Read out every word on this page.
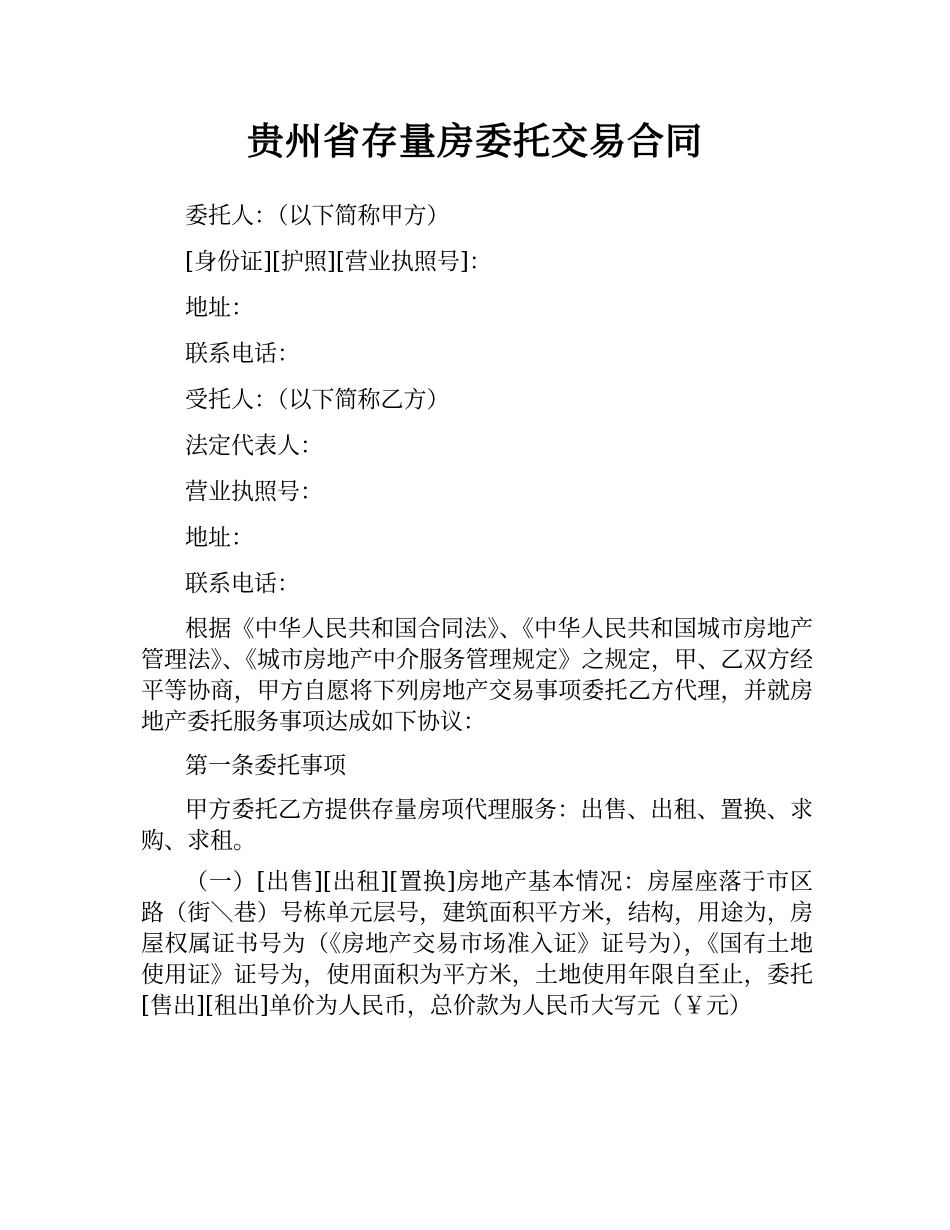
贵州省存量房委托交易合同
委托人：（以下简称甲方）
[身份证][护照][营业执照号]：
地址：
联系电话：
受托人：（以下简称乙方）
法定代表人：
营业执照号：
地址：
联系电话：

根据《中华人民共和国合同法》、《中华人民共和国城市房地产管理法》、《城市房地产中介服务管理规定》之规定，甲、乙双方经平等协商，甲方自愿将下列房地产交易事项委托乙方代理，并就房地产委托服务事项达成如下协议：

第一条委托事项

甲方委托乙方提供存量房项代理服务：出售、出租、置换、求购、求租。

（一）[出售][出租][置换]房地产基本情况：房屋座落于市区路（街＼巷）号栋单元层号，建筑面积平方米，结构，用途为，房屋权属证书号为（《房地产交易市场准入证》证号为），《国有土地使用证》证号为，使用面积为平方米，土地使用年限自至止，委托[售出][租出]单价为人民币，总价款为人民币大写元（￥元）
